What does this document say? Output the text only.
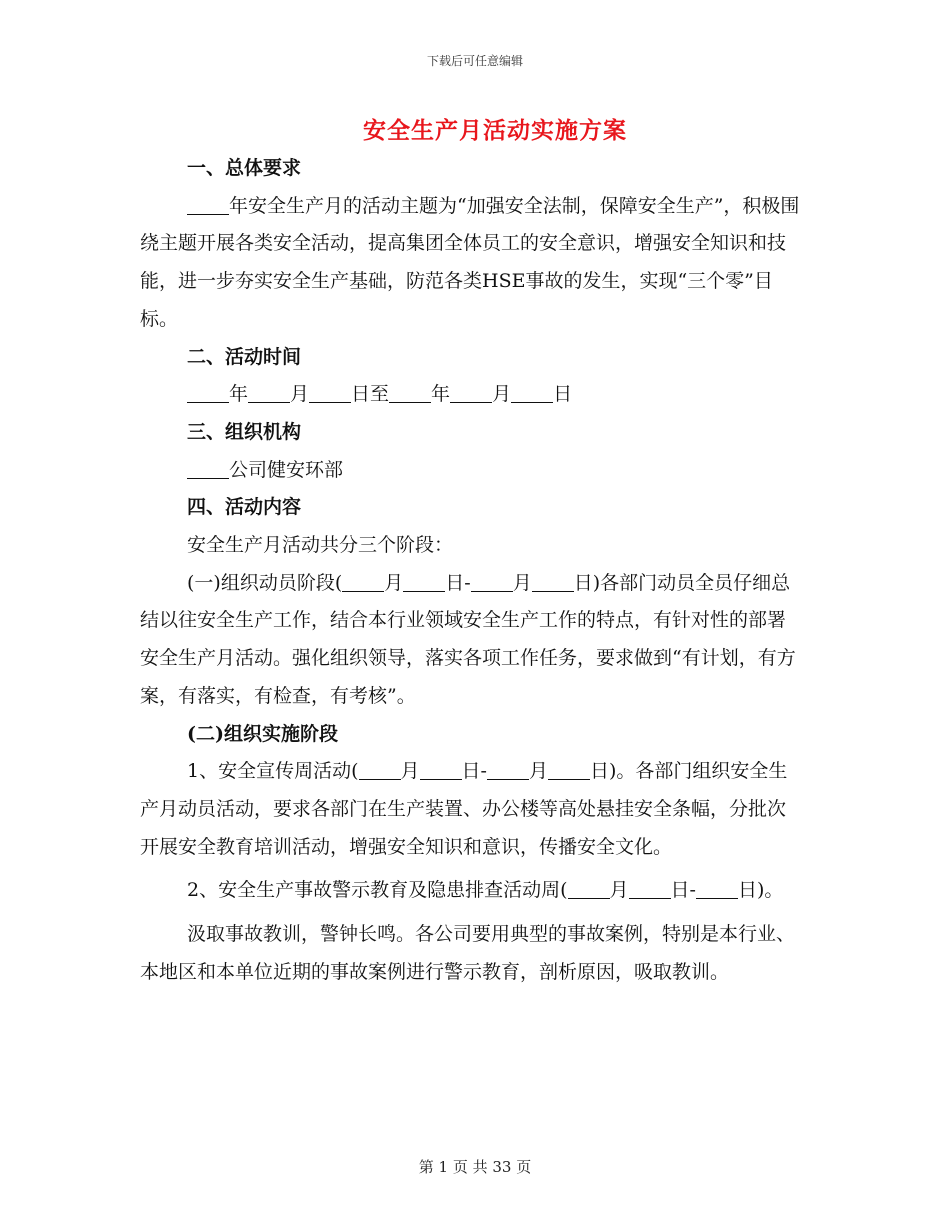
下载后可任意编辑
安全生产月活动实施方案

一、总体要求

年安全生产月的活动主题为“加强安全法制，保障安全生产”，积极围绕主题开展各类安全活动，提高集团全体员工的安全意识，增强安全知识和技能，进一步夯实安全生产基础，防范各类HSE事故的发生，实现“三个零”目标。

二、活动时间

年 月 日至 年 月 日

三、组织机构

公司健安环部

四、活动内容

安全生产月活动共分三个阶段：

(一)组织动员阶段( 月 日- 月 日)各部门动员全员仔细总结以往安全生产工作，结合本行业领域安全生产工作的特点，有针对性的部署安全生产月活动。强化组织领导，落实各项工作任务，要求做到“有计划，有方案，有落实，有检查，有考核”。

(二)组织实施阶段

1、安全宣传周活动( 月 日- 月 日)。各部门组织安全生产月动员活动，要求各部门在生产装置、办公楼等高处悬挂安全条幅，分批次开展安全教育培训活动，增强安全知识和意识，传播安全文化。

2、安全生产事故警示教育及隐患排查活动周( 月 日- 日)。

汲取事故教训，警钟长鸣。各公司要用典型的事故案例，特别是本行业、本地区和本单位近期的事故案例进行警示教育，剖析原因，吸取教训。

第 1 页 共 33 页
